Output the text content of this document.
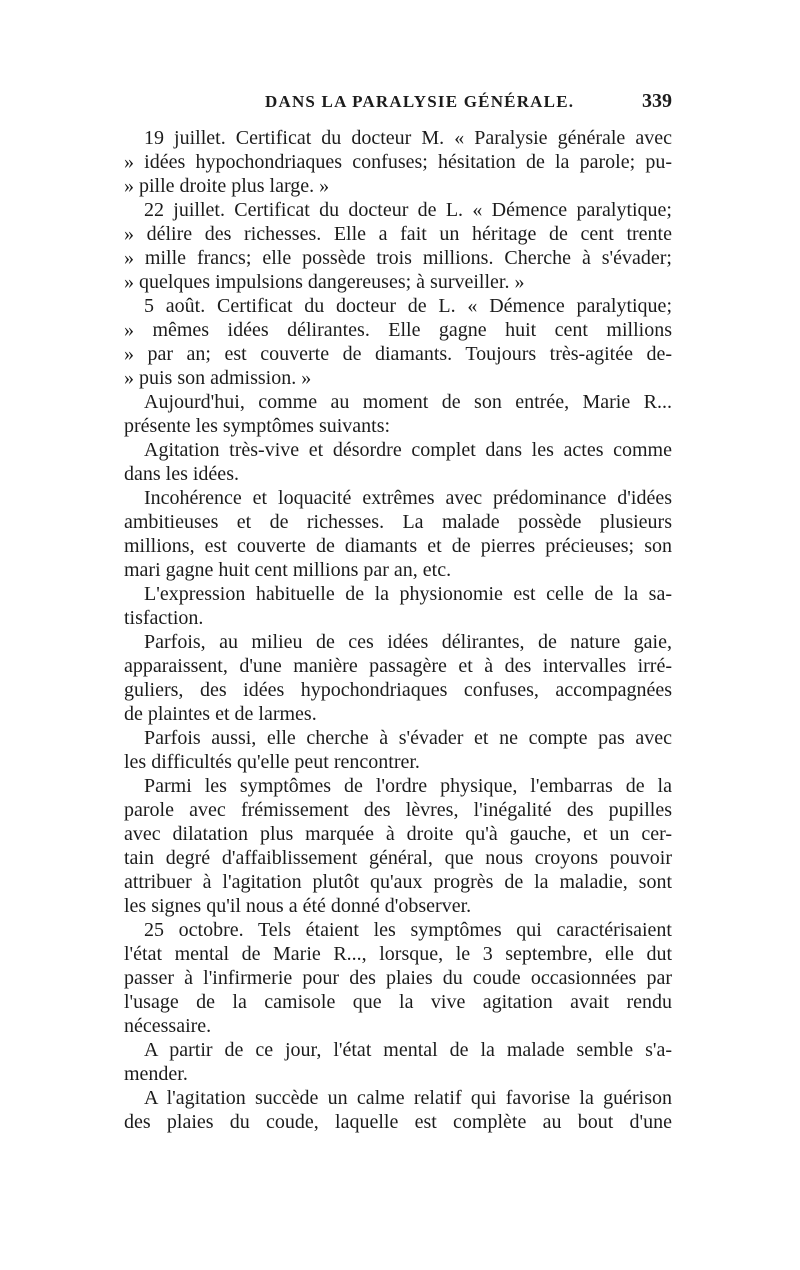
DANS LA PARALYSIE GÉNÉRALE.	339
19 juillet. Certificat du docteur M. « Paralysie générale avec
» idées hypochondriaques confuses; hésitation de la parole; pu-
» pille droite plus large. »
22 juillet. Certificat du docteur de L. « Démence paralytique;
» délire des richesses. Elle a fait un héritage de cent trente
» mille francs; elle possède trois millions. Cherche à s'évader;
» quelques impulsions dangereuses; à surveiller. »
5 août. Certificat du docteur de L. « Démence paralytique;
» mêmes idées délirantes. Elle gagne huit cent millions
» par an; est couverte de diamants. Toujours très-agitée de-
» puis son admission. »
Aujourd'hui, comme au moment de son entrée, Marie R...
présente les symptômes suivants:
Agitation très-vive et désordre complet dans les actes comme
dans les idées.
Incohérence et loquacité extrêmes avec prédominance d'idées
ambitieuses et de richesses. La malade possède plusieurs
millions, est couverte de diamants et de pierres précieuses; son
mari gagne huit cent millions par an, etc.
L'expression habituelle de la physionomie est celle de la sa-
tisfaction.
Parfois, au milieu de ces idées délirantes, de nature gaie,
apparaissent, d'une manière passagère et à des intervalles irré-
guliers, des idées hypochondriaques confuses, accompagnées
de plaintes et de larmes.
Parfois aussi, elle cherche à s'évader et ne compte pas avec
les difficultés qu'elle peut rencontrer.
Parmi les symptômes de l'ordre physique, l'embarras de la
parole avec frémissement des lèvres, l'inégalité des pupilles
avec dilatation plus marquée à droite qu'à gauche, et un cer-
tain degré d'affaiblissement général, que nous croyons pouvoir
attribuer à l'agitation plutôt qu'aux progrès de la maladie, sont
les signes qu'il nous a été donné d'observer.
25 octobre. Tels étaient les symptômes qui caractérisaient
l'état mental de Marie R..., lorsque, le 3 septembre, elle dut
passer à l'infirmerie pour des plaies du coude occasionnées par
l'usage de la camisole que la vive agitation avait rendu
nécessaire.
A partir de ce jour, l'état mental de la malade semble s'a-
mender.
A l'agitation succède un calme relatif qui favorise la guérison
des plaies du coude, laquelle est complète au bout d'une
